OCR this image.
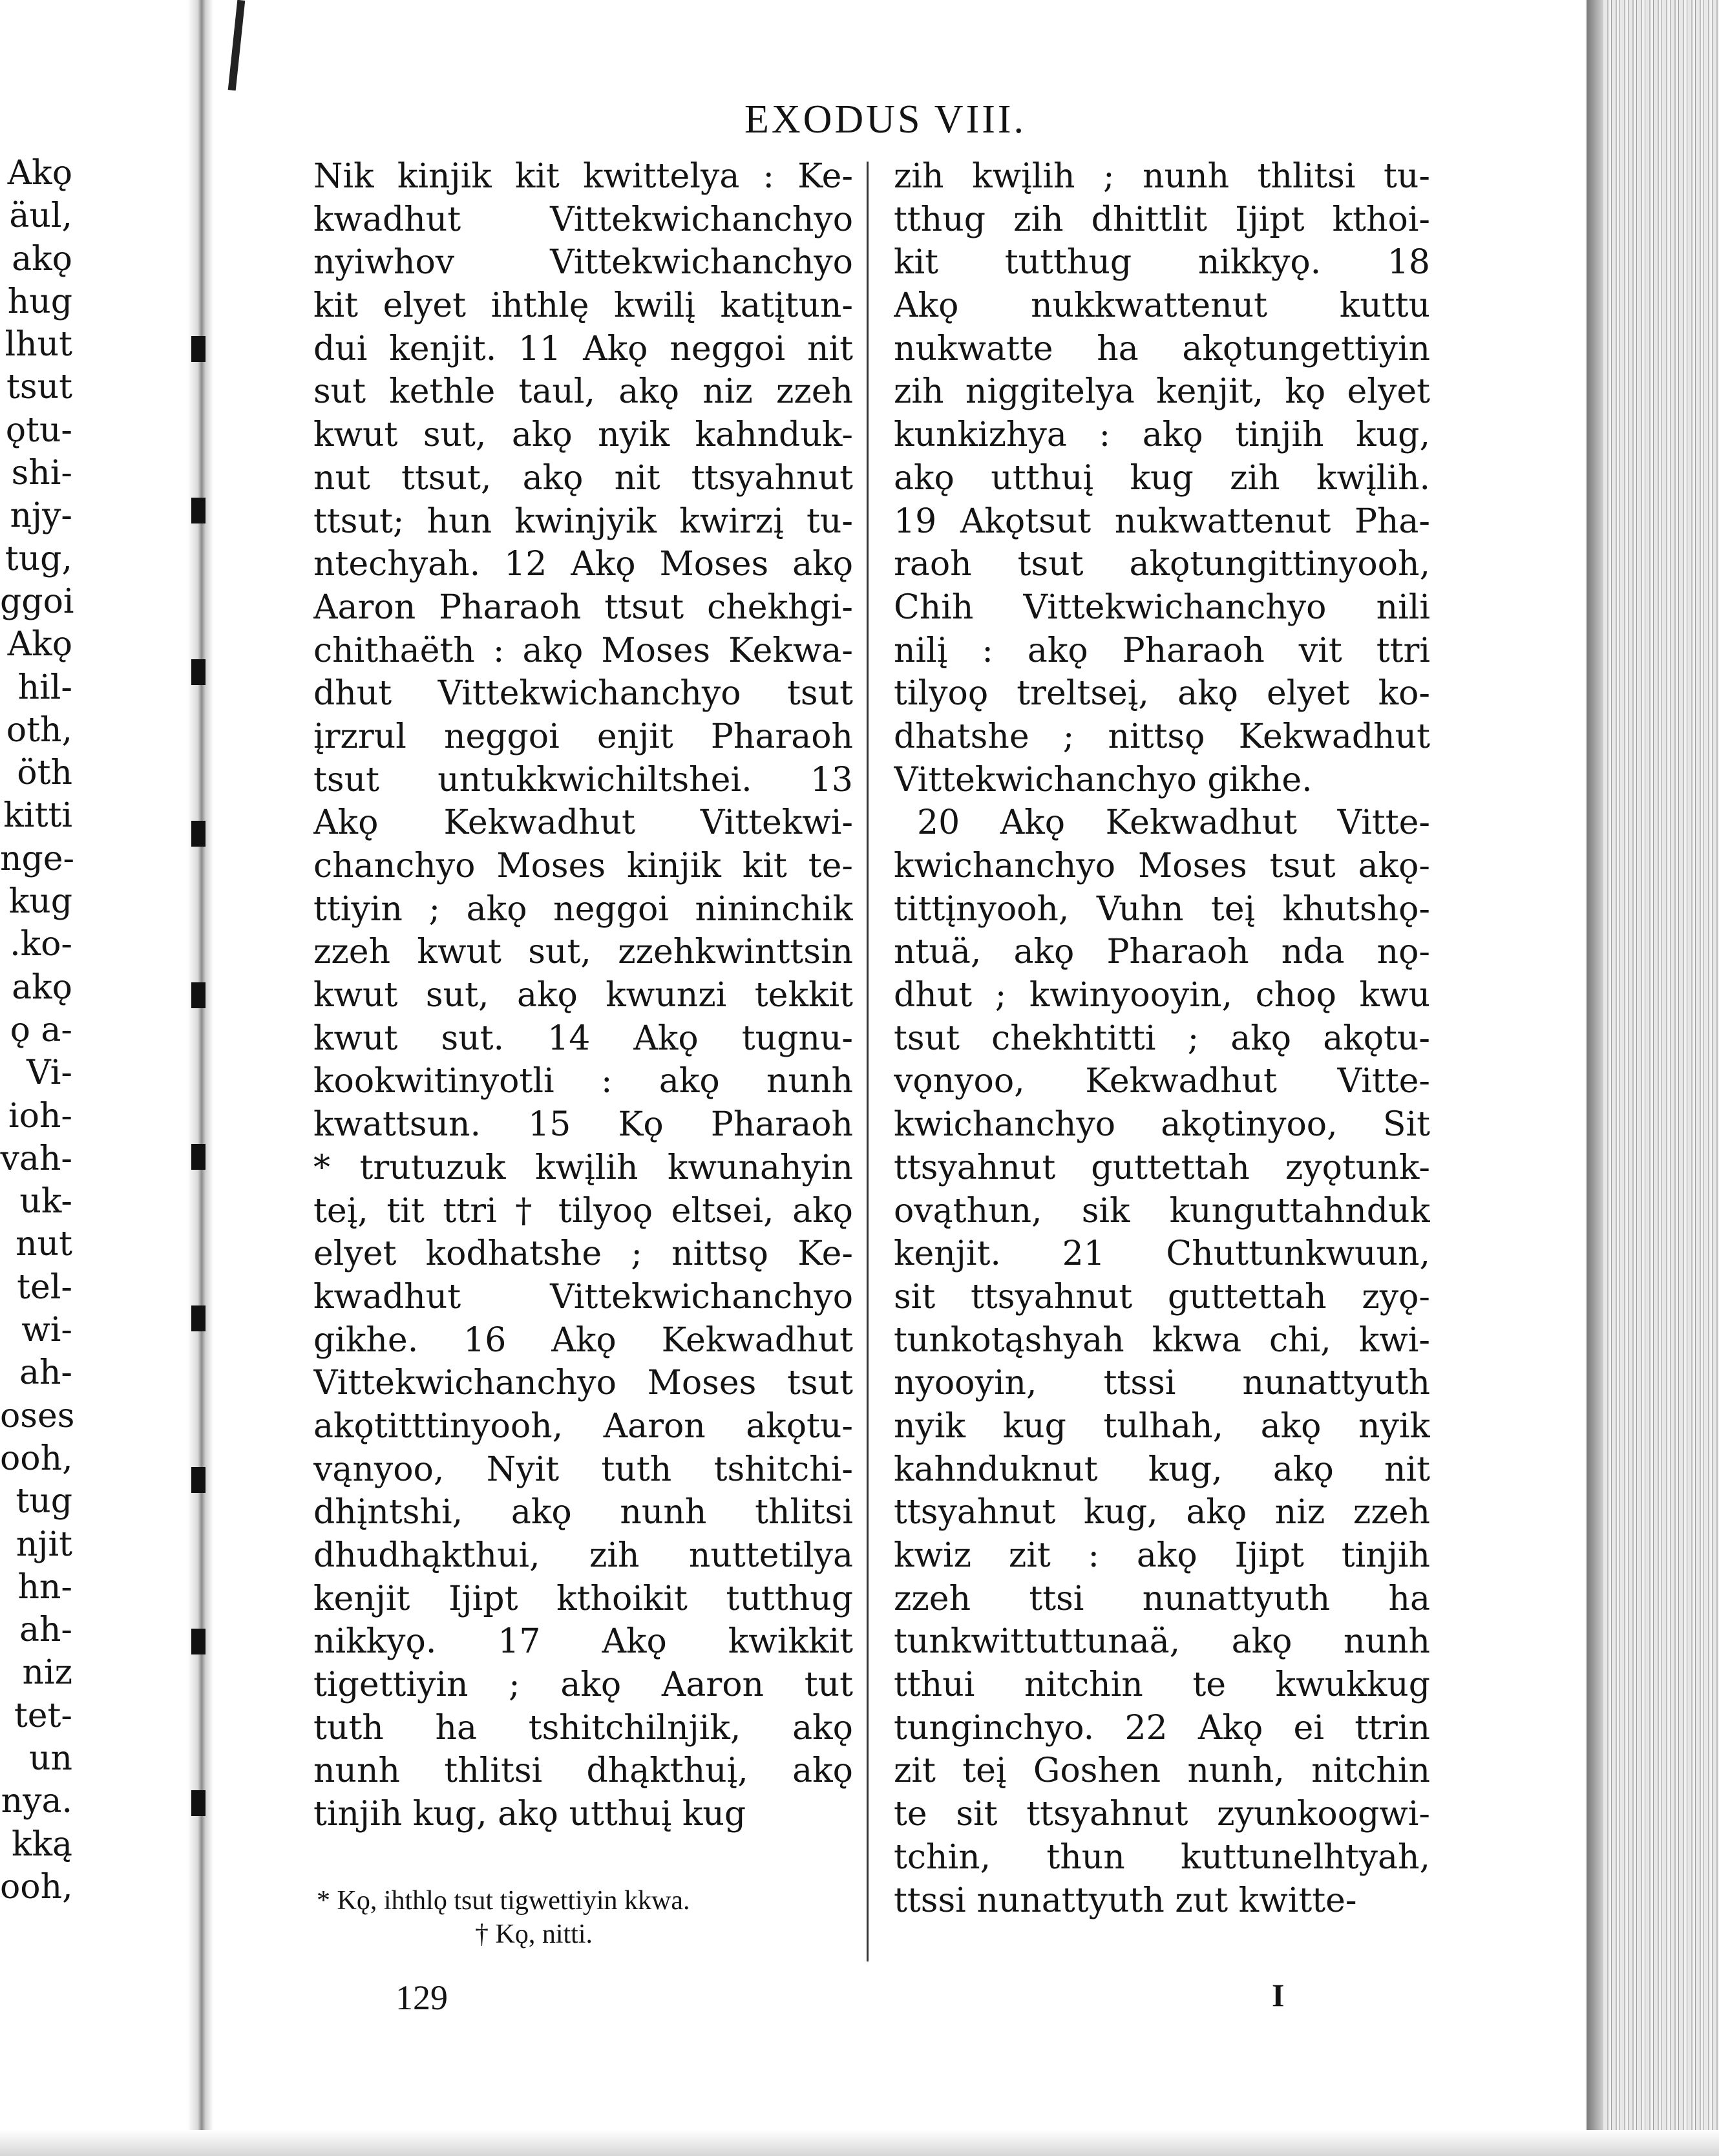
Akǫ
äul,
akǫ
hug
lhut
tsut
ǫtu-
shi-
njy-
tug,
ggoi
Akǫ
hil-
oth,
öth
kitti
nge-
kug
.ko-
akǫ
ǫ a-
Vi-
ioh-
vah-
uk-
nut
tel-
wi-
ah-
oses
ooh,
tug
njit
hn-
ah-
niz
tet-
un
nya.
kką
ooh,
EXODUS VIII.
Nik kinjik kit kwittelya : Ke-
kwadhut Vittekwichanchyo
nyiwhov Vittekwichanchyo
kit elyet ihthlę kwilį katįtun-
dui kenjit. 11 Akǫ neggoi nit
sut kethle taul, akǫ niz zzeh
kwut sut, akǫ nyik kahnduk-
nut ttsut, akǫ nit ttsyahnut
ttsut; hun kwinjyik kwirzį tu-
ntechyah. 12 Akǫ Moses akǫ
Aaron Pharaoh ttsut chekhgi-
chithaëth : akǫ Moses Kekwa-
dhut Vittekwichanchyo tsut
įrzrul neggoi enjit Pharaoh
tsut untukkwichiltshei. 13
Akǫ Kekwadhut Vittekwi-
chanchyo Moses kinjik kit te-
ttiyin ; akǫ neggoi nininchik
zzeh kwut sut, zzehkwinttsin
kwut sut, akǫ kwunzi tekkit
kwut sut. 14 Akǫ tugnu-
kookwitinyotli : akǫ nunh
kwattsun. 15 Kǫ Pharaoh
* trutuzuk kwįlih kwunahyin
teį, tit ttri † tilyoǫ eltsei, akǫ
elyet kodhatshe ; nittsǫ Ke-
kwadhut Vittekwichanchyo
gikhe. 16 Akǫ Kekwadhut
Vittekwichanchyo Moses tsut
akǫtitttinyooh, Aaron akǫtu-
vąnyoo, Nyit tuth tshitchi-
dhįntshi, akǫ nunh thlitsi
dhudhąkthui, zih nuttetilya
kenjit Ijipt kthoikit tutthug
nikkyǫ. 17 Akǫ kwikkit
tigettiyin ; akǫ Aaron tut
tuth ha tshitchilnjik, akǫ
nunh thlitsi dhąkthuį, akǫ
tinjih kug, akǫ utthuį kug
zih kwįlih ; nunh thlitsi tu-
tthug zih dhittlit Ijipt kthoi-
kit tutthug nikkyǫ. 18
Akǫ nukkwattenut kuttu
nukwatte ha akǫtungettiyin
zih niggitelya kenjit, kǫ elyet
kunkizhya : akǫ tinjih kug,
akǫ utthuį kug zih kwįlih.
19 Akǫtsut nukwattenut Pha-
raoh tsut akǫtungittinyooh,
Chih Vittekwichanchyo nili
nilį : akǫ Pharaoh vit ttri
tilyoǫ treltseį, akǫ elyet ko-
dhatshe ; nittsǫ Kekwadhut
Vittekwichanchyo gikhe.
20 Akǫ Kekwadhut Vitte-
kwichanchyo Moses tsut akǫ-
tittįnyooh, Vuhn teį khutshǫ-
ntuä, akǫ Pharaoh nda nǫ-
dhut ; kwinyooyin, choǫ kwu
tsut chekhtitti ; akǫ akǫtu-
vǫnyoo, Kekwadhut Vitte-
kwichanchyo akǫtinyoo, Sit
ttsyahnut guttettah zyǫtunk-
ovąthun, sik kunguttahnduk
kenjit. 21 Chuttunkwuun,
sit ttsyahnut guttettah zyǫ-
tunkotąshyah kkwa chi, kwi-
nyooyin, ttssi nunattyuth
nyik kug tulhah, akǫ nyik
kahnduknut kug, akǫ nit
ttsyahnut kug, akǫ niz zzeh
kwiz zit : akǫ Ijipt tinjih
zzeh ttsi nunattyuth ha
tunkwittuttunaä, akǫ nunh
tthui nitchin te kwukkug
tunginchyo. 22 Akǫ ei ttrin
zit teį Goshen nunh, nitchin
te sit ttsyahnut zyunkoogwi-
tchin, thun kuttunelhtyah,
ttssi nunattyuth zut kwitte-
* Kǫ, ihthlǫ tsut tigwettiyin kkwa.
† Kǫ, nitti.
129	I
